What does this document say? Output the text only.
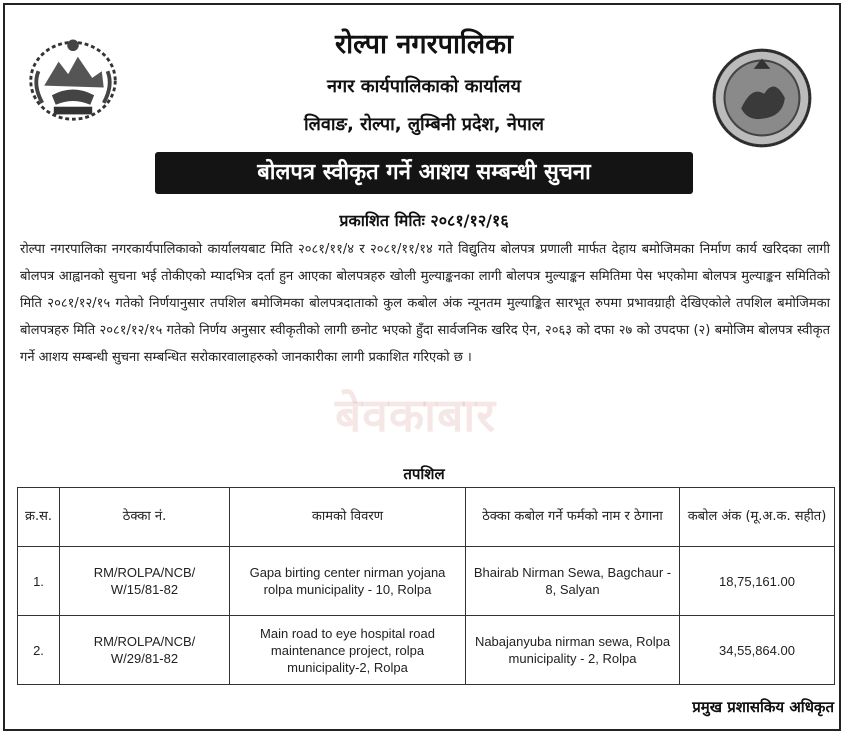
रोल्पा नगरपालिका
नगर कार्यपालिकाको कार्यालय
लिवाङ, रोल्पा, लुम्बिनी प्रदेश, नेपाल
बोलपत्र स्वीकृत गर्ने आशय सम्बन्धी सुचना
प्रकाशित मितिः २०८१/१२/१६
रोल्पा नगरपालिका नगरकार्यपालिकाको कार्यालयबाट मिति २०८१/११/४ र २०८१/११/१४ गते विद्युतिय बोलपत्र प्रणाली मार्फत देहाय बमोजिमका निर्माण कार्य खरिदका लागी बोलपत्र आह्वानको सुचना भई तोकीएको म्यादभित्र दर्ता हुन आएका बोलपत्रहरु खोली मुल्याङ्कनका लागी बोलपत्र मुल्याङ्कन समितिमा पेस भएकोमा बोलपत्र मुल्याङ्कन समितिको मिति २०८१/१२/१५ गतेको निर्णयानुसार तपशिल बमोजिमका बोलपत्रदाताको कुल कबोल अंक न्यूनतम मुल्याङ्कित सारभूत रुपमा प्रभावग्राही देखिएकोले तपशिल बमोजिमका बोलपत्रहरु मिति २०८१/१२/१५ गतेको निर्णय अनुसार स्वीकृतीको लागी छनोट भएको हुँदा सार्वजनिक खरिद ऐन, २०६३ को दफा २७ को उपदफा (२) बमोजिम बोलपत्र स्वीकृत गर्ने आशय सम्बन्धी सुचना सम्बन्धित सरोकारवालाहरुको जानकारीका लागी प्रकाशित गरिएको छ ।
बेवकाबार
तपशिल
क्र.स.	ठेक्का नं.	कामको विवरण	ठेक्का कबोल गर्ने फर्मको नाम र ठेगाना	कबोल अंक (मू.अ.क. सहीत)
1.	RM/ROLPA/NCB/ W/15/81-82	Gapa birting center nirman yojana rolpa municipality - 10, Rolpa	Bhairab Nirman Sewa, Bagchaur - 8, Salyan	18,75,161.00
2.	RM/ROLPA/NCB/ W/29/81-82	Main road to eye hospital road maintenance project, rolpa municipality-2, Rolpa	Nabajanyuba nirman sewa, Rolpa municipality - 2, Rolpa	34,55,864.00
प्रमुख प्रशासकिय अधिकृत
